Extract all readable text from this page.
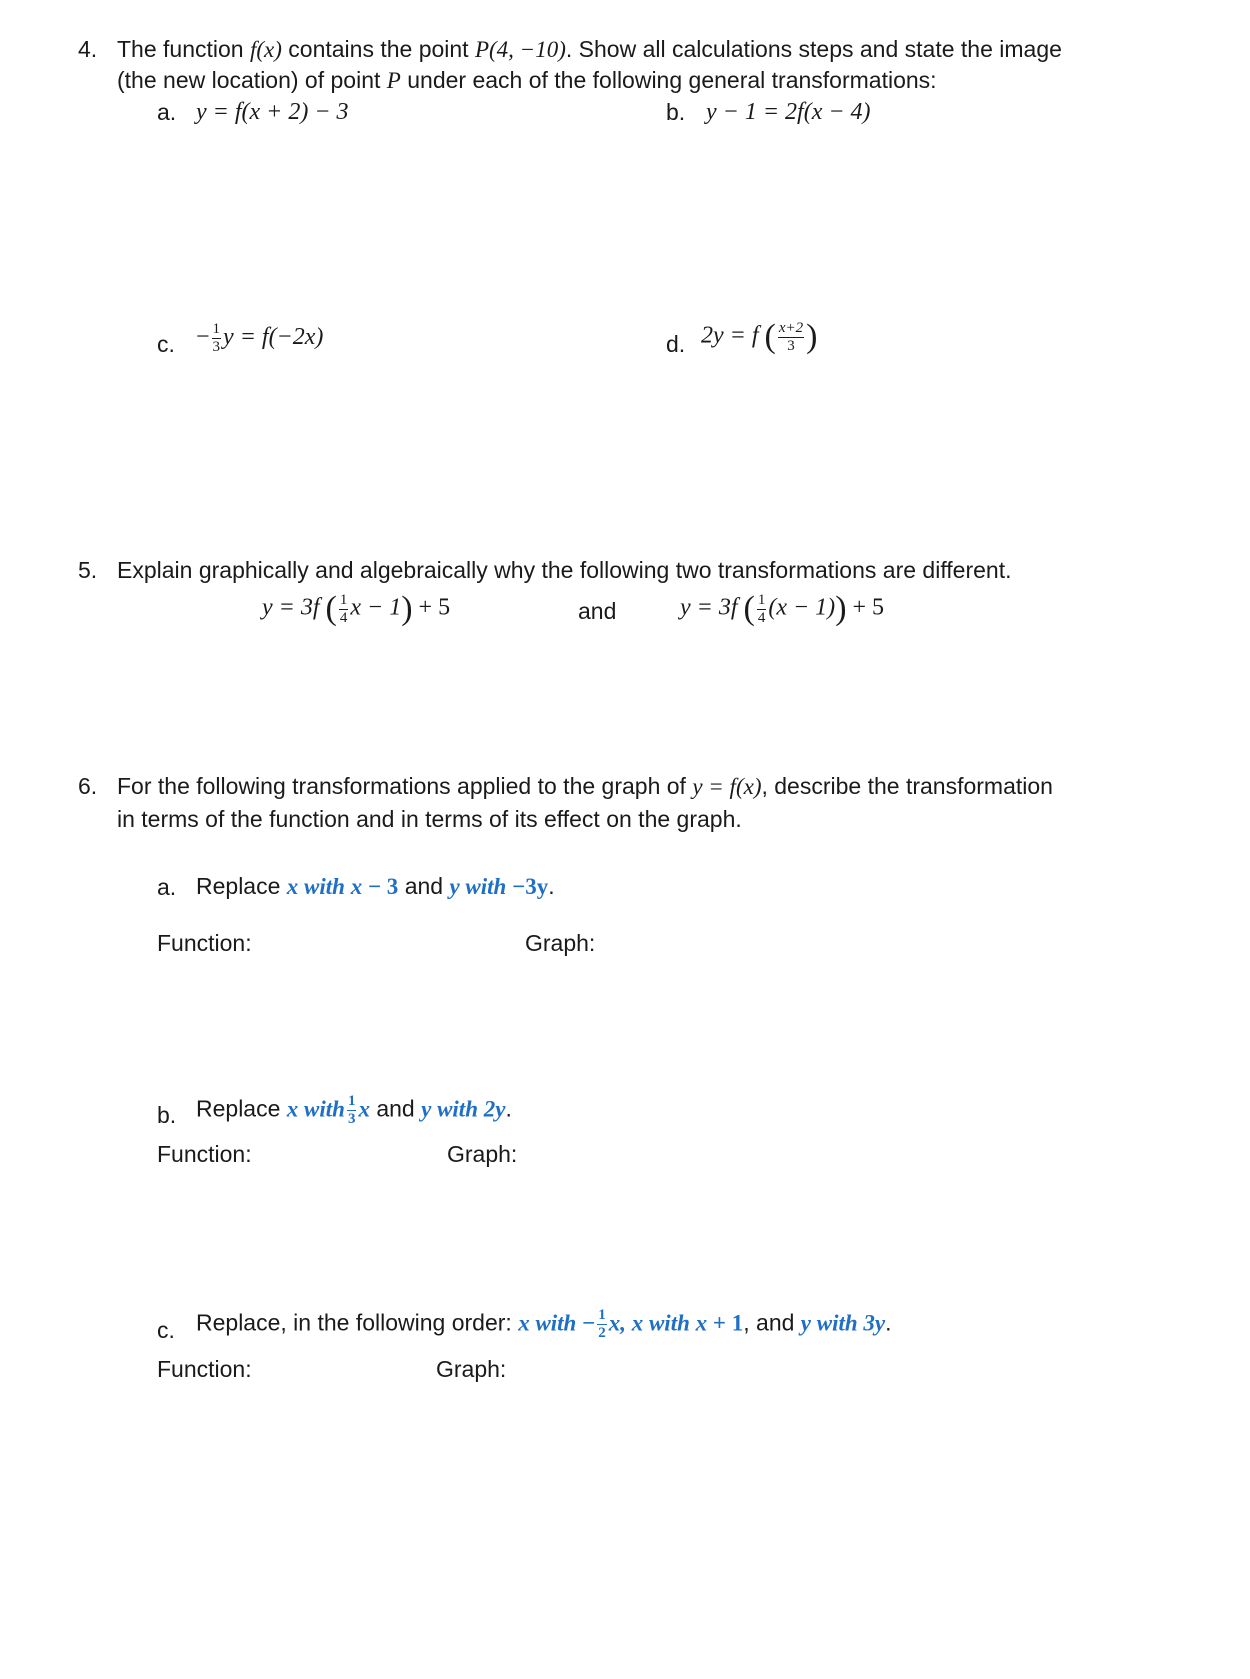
4. The function f(x) contains the point P(4, −10). Show all calculations steps and state the image
(the new location) of point P under each of the following general transformations:
a. y = f(x + 2) − 3	b. y − 1 = 2f(x − 4)
c. − $\frac{1}{3}$ y = f(−2x)	d. 2y = f ( $\frac{x+2}{3}$ )
5. Explain graphically and algebraically why the following two transformations are different.
y = 3f ( $\frac{1}{4}$ x − 1) + 5	and	y = 3f ( $\frac{1}{4} (x - 1)) + 5$
6. For the following transformations applied to the graph of y = f(x), describe the transformation
in terms of the function and in terms of its effect on the graph.
a. Replace x with x − 3 and y with −3y.
Function:	Graph:
b. Replace x with $\frac{1}{3}$ x and y with 2y.
Function:	Graph:
c. Replace, in the following order: x with − $\frac{1}{2} x$, x with x + 1, and y with 3y.
Function:	Graph:
